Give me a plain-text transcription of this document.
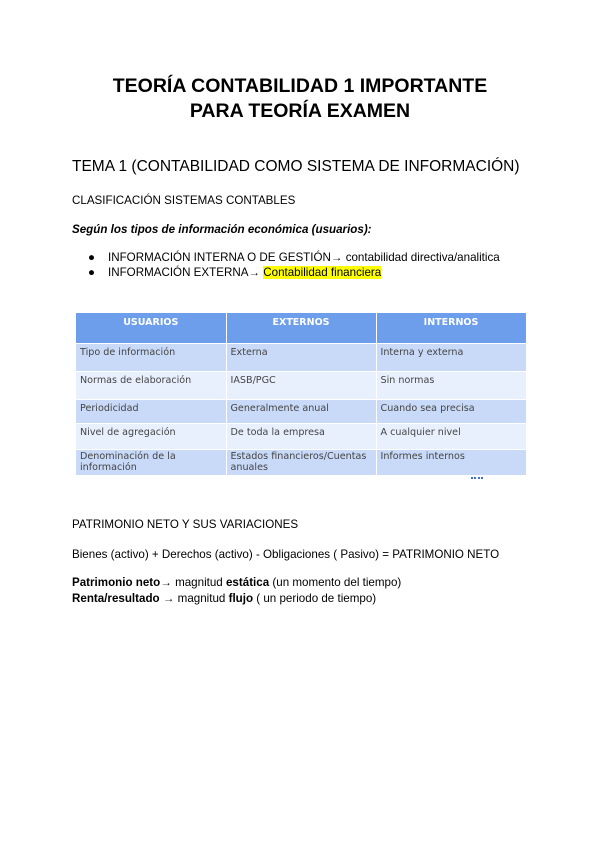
TEORÍA CONTABILIDAD 1 IMPORTANTE
PARA TEORÍA EXAMEN
TEMA 1 (CONTABILIDAD COMO SISTEMA DE INFORMACIÓN)
CLASIFICACIÓN SISTEMAS CONTABLES
Según los tipos de información económica (usuarios):
● INFORMACIÓN INTERNA O DE GESTIÓN→ contabilidad directiva/analitica
● INFORMACIÓN EXTERNA→ Contabilidad financiera
USUARIOS	EXTERNOS	INTERNOS
Tipo de información	Externa	Interna y externa
Normas de elaboración	IASB/PGC	Sin normas
Periodicidad	Generalmente anual	Cuando sea precisa
Nivel de agregación	De toda la empresa	A cualquier nivel
Denominación de la información	Estados financieros/Cuentas anuales	Informes internos
PATRIMONIO NETO Y SUS VARIACIONES
Bienes (activo) + Derechos (activo) - Obligaciones ( Pasivo) = PATRIMONIO NETO
Patrimonio neto→ magnitud estática (un momento del tiempo)
Renta/resultado → magnitud flujo ( un periodo de tiempo)
